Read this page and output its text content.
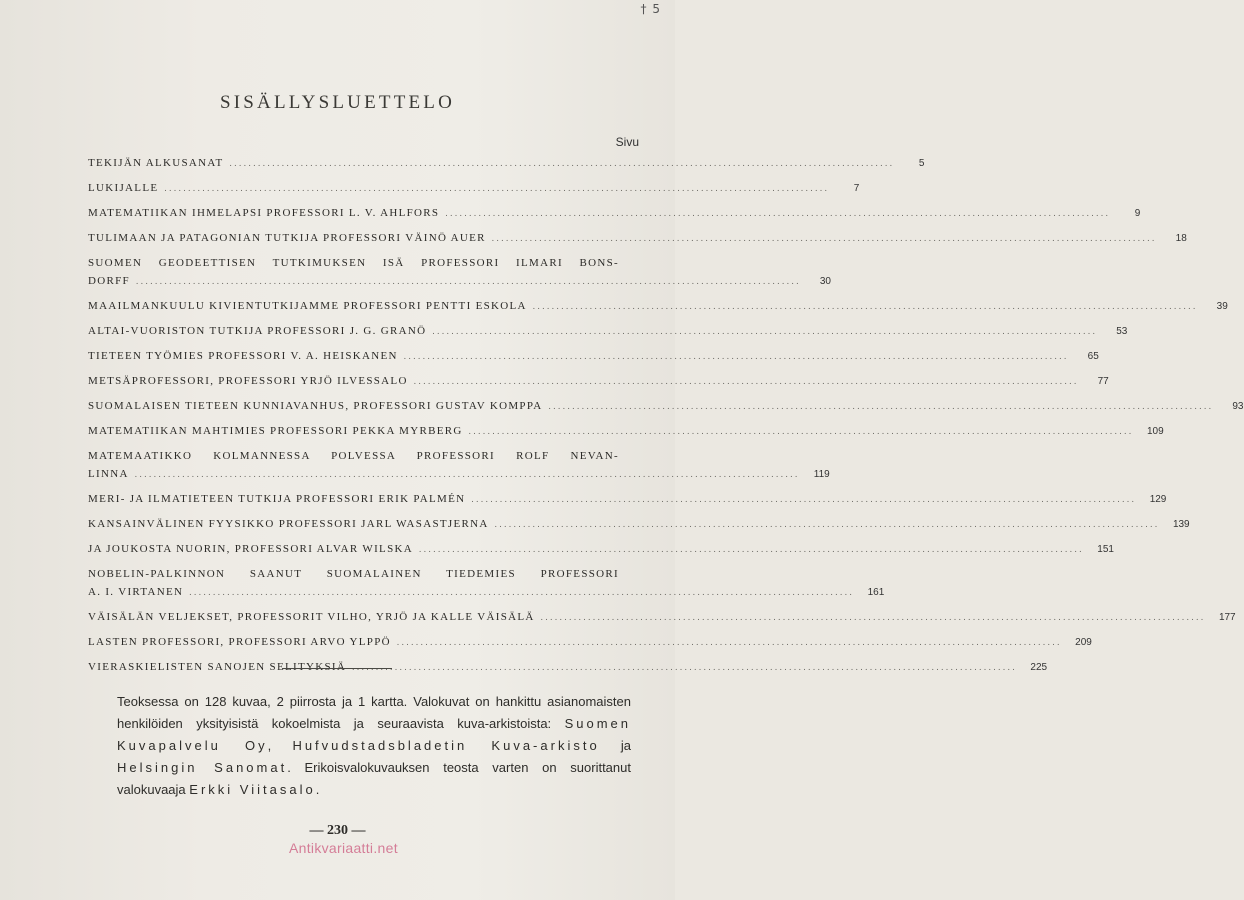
† 5
SISÄLLYSLUETTELO
Sivu
TEKIJÄN ALKUSANAT ............................................................................................................................................	5
LUKIJALLE ............................................................................................................................................	7
MATEMATIIKAN IHMELAPSI PROFESSORI L. V. AHLFORS ............................................................................................................................................	9
TULIMAAN JA PATAGONIAN TUTKIJA PROFESSORI VÄINÖ AUER ............................................................................................................................................	18
SUOMEN GEODEETTISEN TUTKIMUKSEN ISÄ PROFESSORI ILMARI BONS-
DORFF ............................................................................................................................................	30
MAAILMANKUULU KIVIENTUTKIJAMME PROFESSORI PENTTI ESKOLA ............................................................................................................................................	39
ALTAI-VUORISTON TUTKIJA PROFESSORI J. G. GRANÖ ............................................................................................................................................	53
TIETEEN TYÖMIES PROFESSORI V. A. HEISKANEN ............................................................................................................................................	65
METSÄPROFESSORI, PROFESSORI YRJÖ ILVESSALO ............................................................................................................................................	77
SUOMALAISEN TIETEEN KUNNIAVANHUS, PROFESSORI GUSTAV KOMPPA ............................................................................................................................................	93
MATEMATIIKAN MAHTIMIES PROFESSORI PEKKA MYRBERG ............................................................................................................................................	109
MATEMAATIKKO KOLMANNESSA POLVESSA PROFESSORI ROLF NEVAN-
LINNA ............................................................................................................................................	119
MERI- JA ILMATIETEEN TUTKIJA PROFESSORI ERIK PALMÉN ............................................................................................................................................	129
KANSAINVÄLINEN FYYSIKKO PROFESSORI JARL WASASTJERNA ............................................................................................................................................	139
JA JOUKOSTA NUORIN, PROFESSORI ALVAR WILSKA ............................................................................................................................................	151
NOBELIN-PALKINNON SAANUT SUOMALAINEN TIEDEMIES PROFESSORI
A. I. VIRTANEN ............................................................................................................................................	161
VÄISÄLÄN VELJEKSET, PROFESSORIT VILHO, YRJÖ JA KALLE VÄISÄLÄ ............................................................................................................................................	177
LASTEN PROFESSORI, PROFESSORI ARVO YLPPÖ ............................................................................................................................................	209
VIERASKIELISTEN SANOJEN SELITYKSIÄ ............................................................................................................................................	225
Teoksessa on 128 kuvaa, 2 piirrosta ja 1 kartta. Valokuvat on hankittu asianomaisten henkilöiden yksityisistä kokoelmista ja seuraavista kuva-arkistoista: Suomen Kuvapalvelu Oy, Hufvudstadsbladetin Kuva-arkisto ja Helsingin Sanomat. Erikoisvalokuvauksen teosta varten on suorittanut valokuvaaja Erkki Viitasalo.
— 230 —
Antikvariaatti.net
